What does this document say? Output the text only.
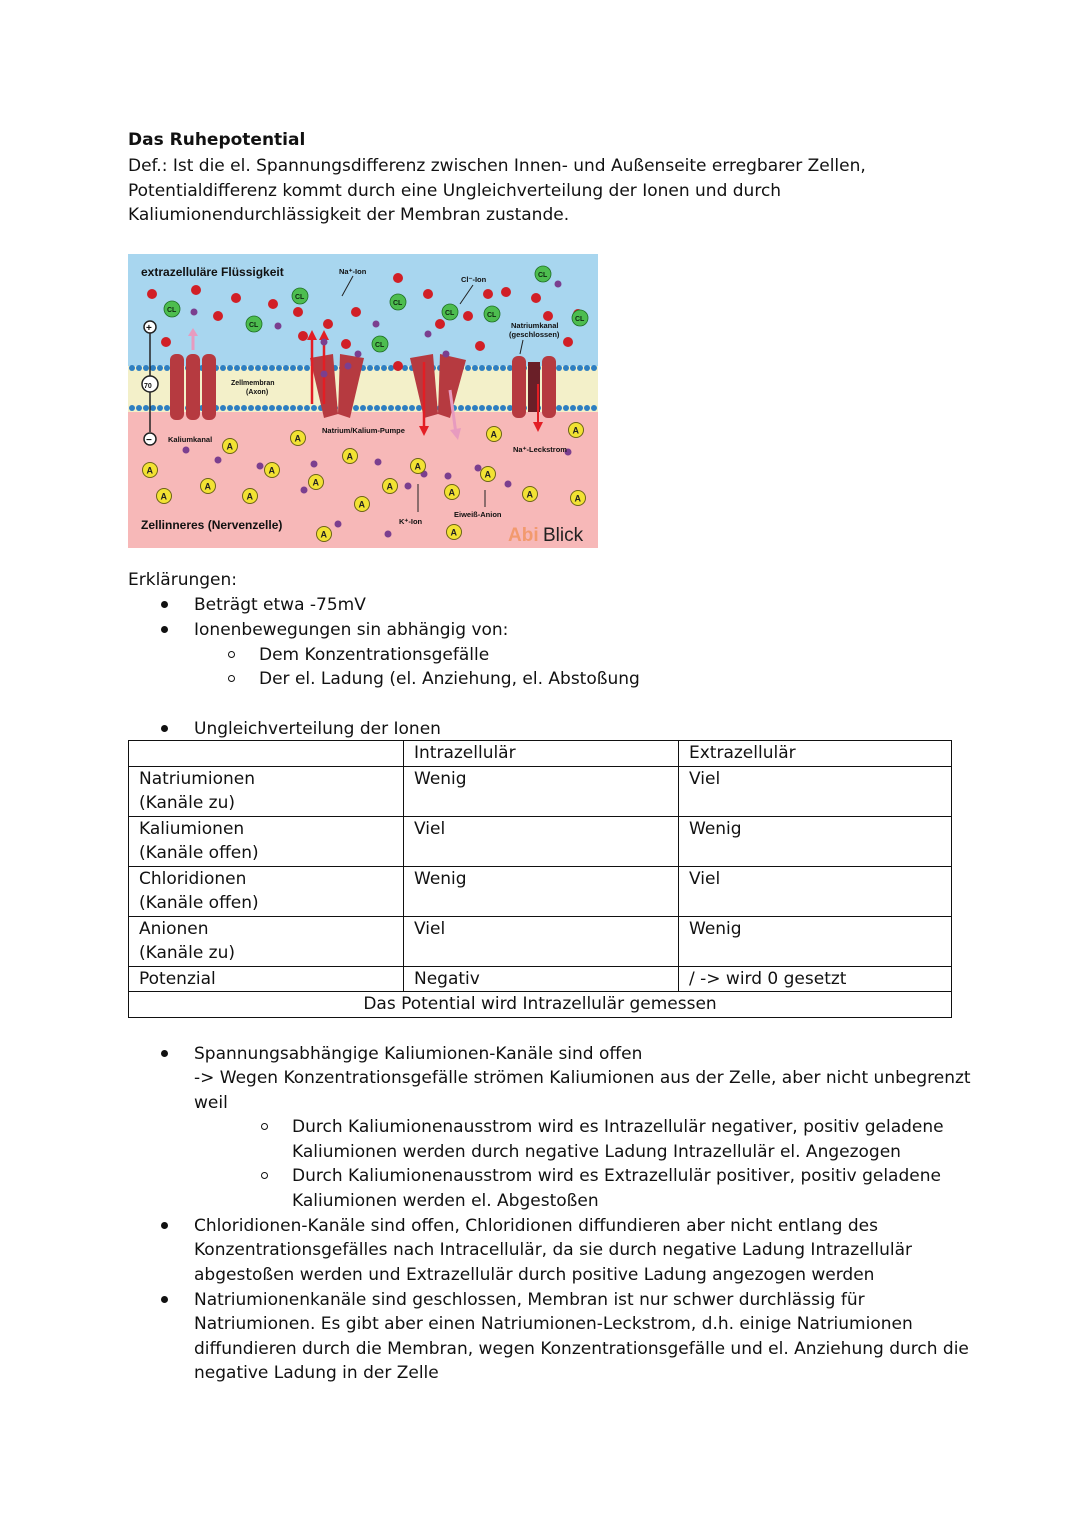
Das Ruhepotential
Def.: Ist die el. Spannungsdifferenz zwischen Innen- und Außenseite erregbarer Zellen, Potentialdifferenz kommt durch eine Ungleichverteilung der Ionen und durch Kaliumionendurchlässigkeit der Membran zustande.
CL
CL
CL
CL
CL
CL	CL
CL
CL
A
A
A	A
A
A	A
A
A
A
A
A
A
A
A	A
A
A
A	A
extrazelluläre Flüssigkeit
Zellinneres (Nervenzelle)
Na⁺-Ion
Cl⁻-Ion
Natriumkanal
(geschlossen)
Zellmembran
(Axon)
Kaliumkanal
Natrium/Kalium-Pumpe
Na⁺-Leckstrom
Eiweiß-Anion
K⁺-Ion
70
+
−
Abi Blick
Erklärungen:
Beträgt etwa -75mV
Ionenbewegungen sin abhängig von:
Dem Konzentrationsgefälle
Der el. Ladung (el. Anziehung, el. Abstoßung
Ungleichverteilung der Ionen
	Intrazellulär	Extrazellulär
Natriumionen
(Kanäle zu)	Wenig	Viel
Kaliumionen
(Kanäle offen)	Viel	Wenig
Chloridionen
(Kanäle offen)	Wenig	Viel
Anionen
(Kanäle zu)	Viel	Wenig
Potenzial	Negativ	/ -> wird 0 gesetzt
Das Potential wird Intrazellulär gemessen		
Spannungsabhängige Kaliumionen-Kanäle sind offen
-> Wegen Konzentrationsgefälle strömen Kaliumionen aus der Zelle, aber nicht unbegrenzt
weil
Durch Kaliumionenausstrom wird es Intrazellulär negativer, positiv geladene
Kaliumionen werden durch negative Ladung Intrazellulär el. Angezogen
Durch Kaliumionenausstrom wird es Extrazellulär positiver, positiv geladene
Kaliumionen werden el. Abgestoßen
Chloridionen-Kanäle sind offen, Chloridionen diffundieren aber nicht entlang des
Konzentrationsgefälles nach Intracellulär, da sie durch negative Ladung Intrazellulär
abgestoßen werden und Extrazellulär durch positive Ladung angezogen werden
Natriumionenkanäle sind geschlossen, Membran ist nur schwer durchlässig für
Natriumionen. Es gibt aber einen Natriumionen-Leckstrom, d.h. einige Natriumionen
diffundieren durch die Membran, wegen Konzentrationsgefälle und el. Anziehung durch die
negative Ladung in der Zelle
